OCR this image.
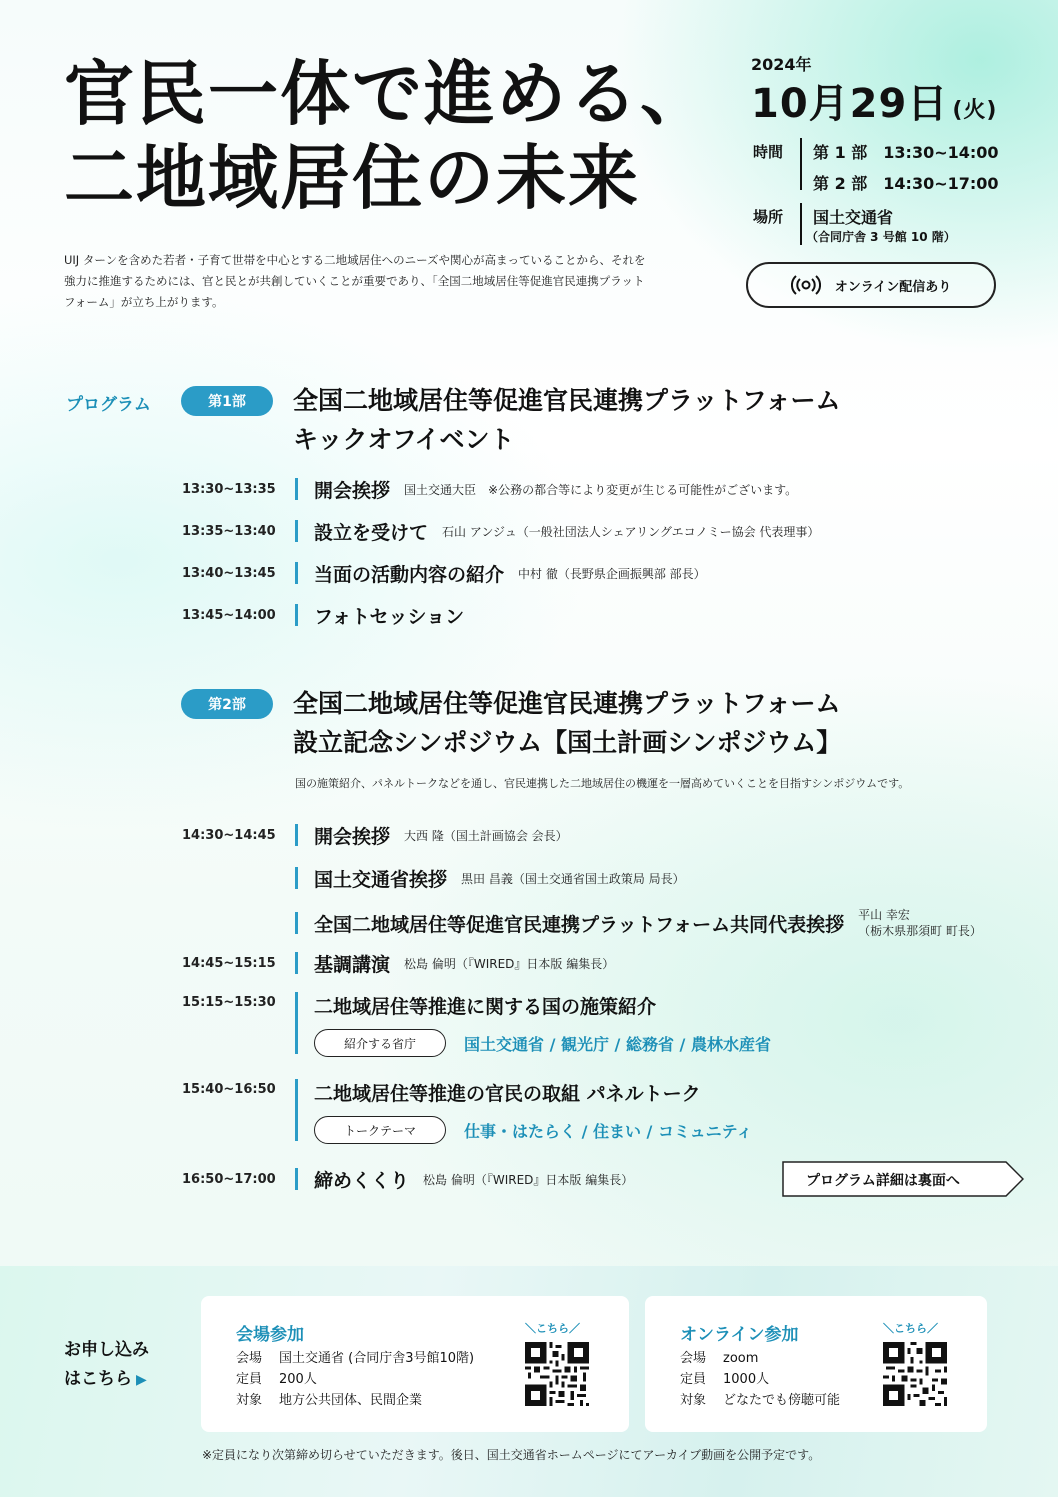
官民一体で進める、
二地域居住の未来
UIJ ターンを含めた若者・子育て世帯を中心とする二地域居住へのニーズや関心が高まっていることから、それを
強力に推進するためには、官と民とが共創していくことが重要であり、「全国二地域居住等促進官民連携プラット
フォーム」が立ち上がります。
2024年
10月29日 (火)
時間 第 1 部　13:30~14:00
第 2 部　14:30~17:00
場所 国土交通省
（合同庁舎 3 号館 10 階）
オンライン配信あり
プログラム	第1部	全国二地域居住等促進官民連携プラットフォーム
キックオフイベント
13:30~13:35	開会挨拶 国土交通大臣　※公務の都合等により変更が生じる可能性がございます。
13:35~13:40	設立を受けて 石山 アンジュ（一般社団法人シェアリングエコノミー協会 代表理事）
13:40~13:45	当面の活動内容の紹介 中村 徹（長野県企画振興部 部長）
13:45~14:00	フォトセッション
第2部	全国二地域居住等促進官民連携プラットフォーム
設立記念シンポジウム【国土計画シンポジウム】
国の施策紹介、パネルトークなどを通し、官民連携した二地域居住の機運を一層高めていくことを目指すシンポジウムです。
14:30~14:45	開会挨拶 大西 隆（国土計画協会 会長）
国土交通省挨拶 黒田 昌義（国土交通省国土政策局 局長）
全国二地域居住等促進官民連携プラットフォーム共同代表挨拶 平山 幸宏
（栃木県那須町 町長）
14:45~15:15	基調講演 松島 倫明（『WIRED』日本版 編集長）
15:15~15:30 二地域居住等推進に関する国の施策紹介
紹介する省庁	国土交通省 / 観光庁 / 総務省 / 農林水産省
15:40~16:50 二地域居住等推進の官民の取組 パネルトーク
トークテーマ	仕事・はたらく / 住まい / コミュニティ
16:50~17:00	締めくくり 松島 倫明（『WIRED』日本版 編集長）	プログラム詳細は裏面へ
お申し込み
はこちら ▶
会場参加
会場 国土交通省 (合同庁舎3号館10階)
定員 200人
対象 地方公共団体、民間企業
＼こちら／	オンライン参加
会場 zoom
定員 1000人
対象 どなたでも傍聴可能
＼こちら／
※定員になり次第締め切らせていただきます。後日、国土交通省ホームページにてアーカイブ動画を公開予定です。
